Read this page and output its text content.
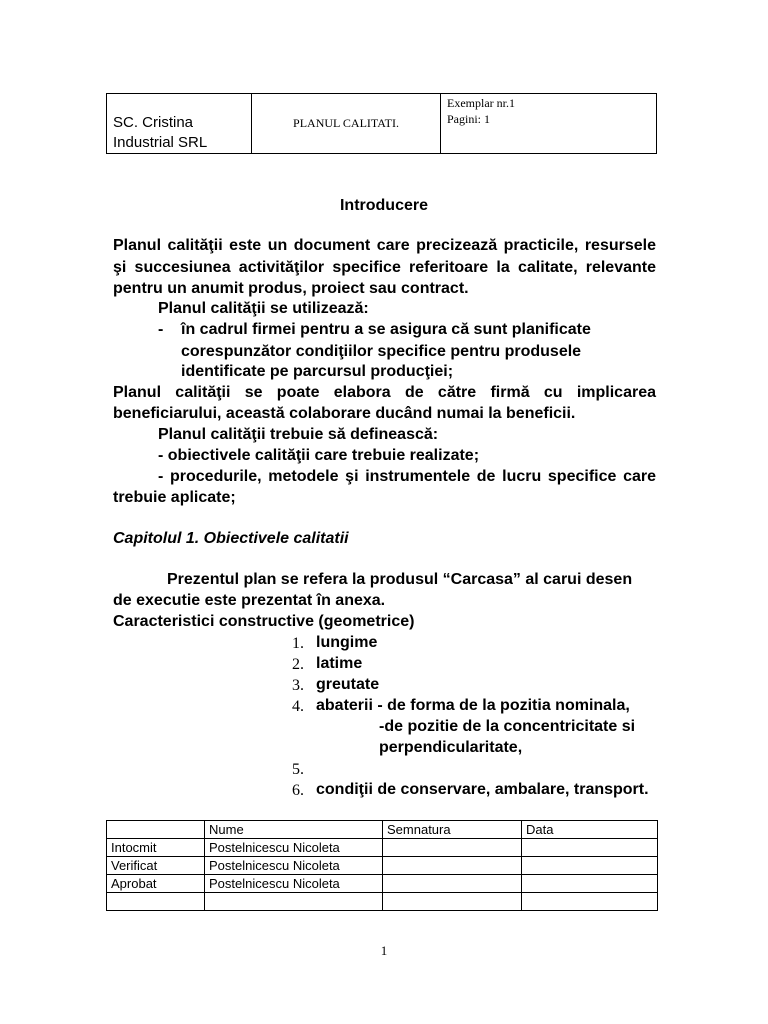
SC. Cristina
Industrial SRL
	PLANUL CALITATI.	
Exemplar nr.1
Pagini: 1
Introducere
Planul calităţii este un document care precizează practicile, resursele
şi succesiunea activităţilor specifice referitoare la calitate, relevante
pentru un anumit produs, proiect sau contract.
Planul calităţii se utilizează:
- în cadrul firmei pentru a se asigura că sunt planificate
corespunzător condiţiilor specifice pentru produsele
identificate pe parcursul producţiei;
Planul calităţii se poate elabora de către firmă cu implicarea
beneficiarului, această colaborare ducând numai la beneficii.
Planul calităţii trebuie să definească:
- obiectivele calităţii care trebuie realizate;
- procedurile, metodele şi instrumentele de lucru specifice care
trebuie aplicate;
Capitolul 1. Obiectivele calitatii
Prezentul plan se refera la produsul “Carcasa” al carui desen
de executie este prezentat în anexa.
Caracteristici constructive (geometrice)
1. lungime
2. latime
3. greutate
4. abaterii - de forma de la pozitia nominala,
-de pozitie de la concentricitate si
perpendicularitate,
5.
6. condiţii de conservare, ambalare, transport.
	Nume	Semnatura	Data
Intocmit	Postelnicescu Nicoleta		
Verificat	Postelnicescu Nicoleta		
Aprobat	Postelnicescu Nicoleta		

1
